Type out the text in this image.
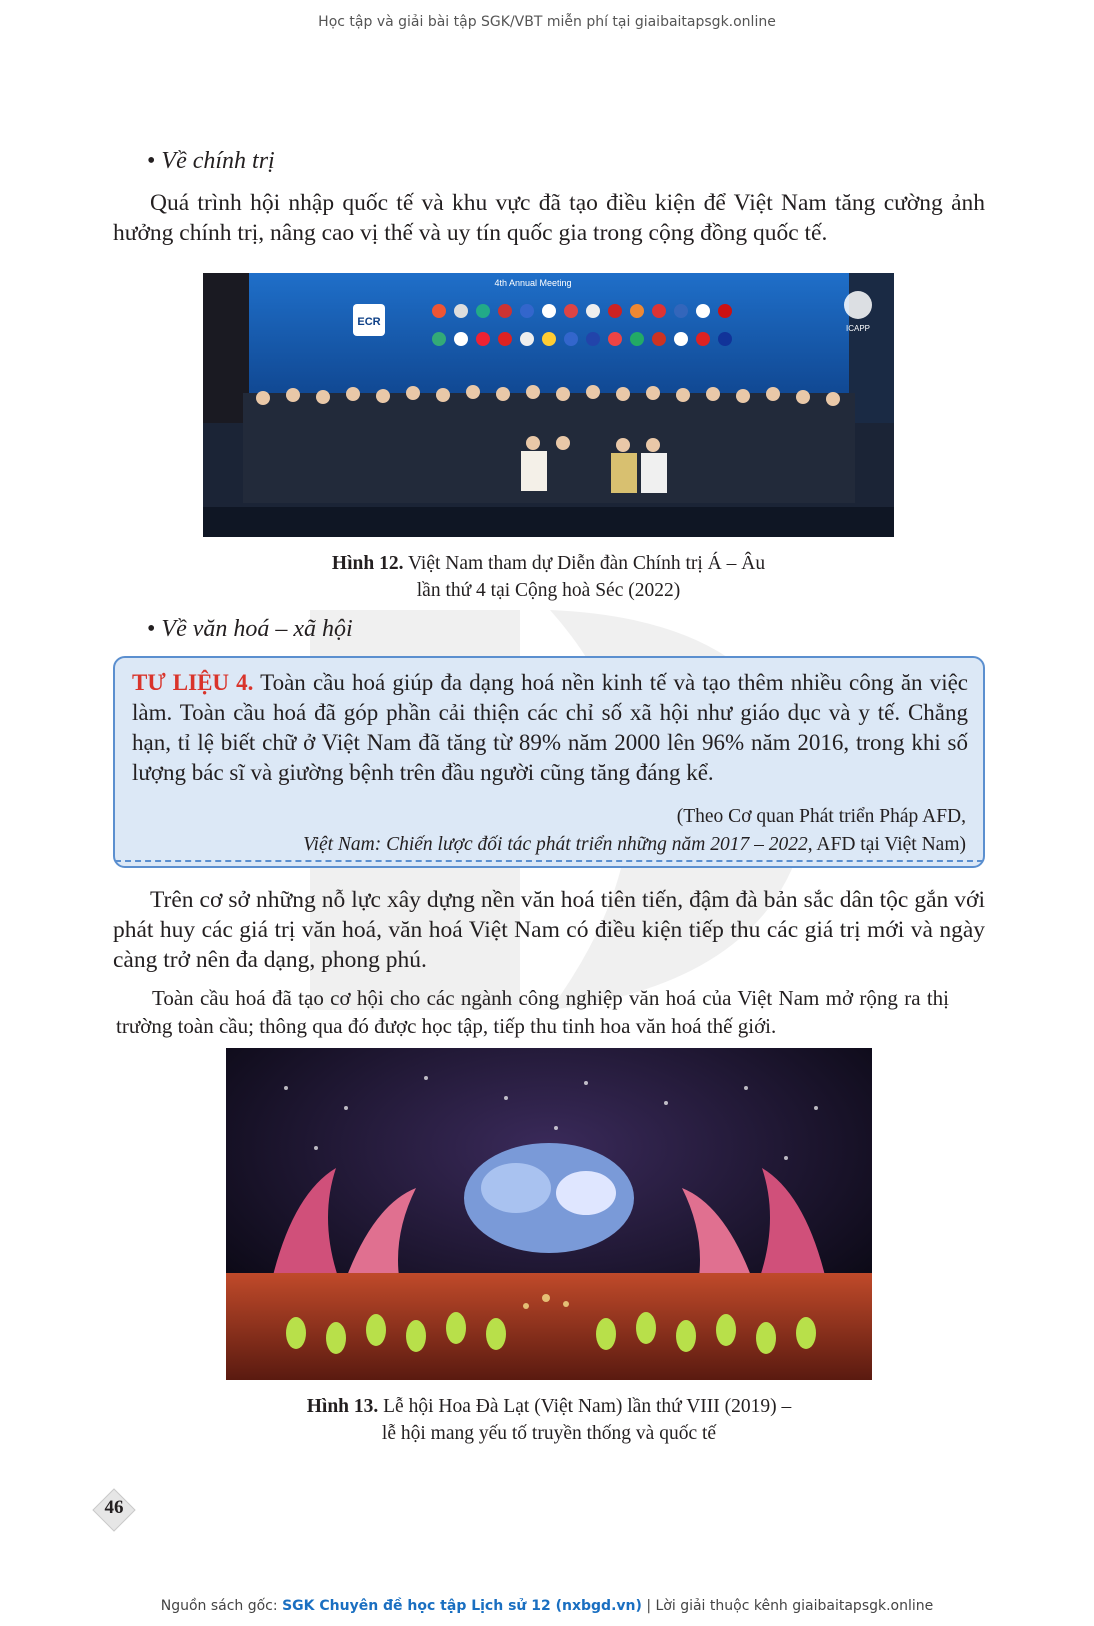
Học tập và giải bài tập SGK/VBT miễn phí tại giaibaitapsgk.online
• Về chính trị
Quá trình hội nhập quốc tế và khu vực đã tạo điều kiện để Việt Nam tăng cường ảnh hưởng chính trị, nâng cao vị thế và uy tín quốc gia trong cộng đồng quốc tế.
4th Annual Meeting
ECR
ICAPP
Hình 12. Việt Nam tham dự Diễn đàn Chính trị Á – Âu
lần thứ 4 tại Cộng hoà Séc (2022)
• Về văn hoá – xã hội
TƯ LIỆU 4. Toàn cầu hoá giúp đa dạng hoá nền kinh tế và tạo thêm nhiều công ăn việc làm. Toàn cầu hoá đã góp phần cải thiện các chỉ số xã hội như giáo dục và y tế. Chẳng hạn, tỉ lệ biết chữ ở Việt Nam đã tăng từ 89% năm 2000 lên 96% năm 2016, trong khi số lượng bác sĩ và giường bệnh trên đầu người cũng tăng đáng kể.
(Theo Cơ quan Phát triển Pháp AFD,
Việt Nam: Chiến lược đối tác phát triển những năm 2017 – 2022, AFD tại Việt Nam)
Trên cơ sở những nỗ lực xây dựng nền văn hoá tiên tiến, đậm đà bản sắc dân tộc gắn với phát huy các giá trị văn hoá, văn hoá Việt Nam có điều kiện tiếp thu các giá trị mới và ngày càng trở nên đa dạng, phong phú.
Toàn cầu hoá đã tạo cơ hội cho các ngành công nghiệp văn hoá của Việt Nam mở rộng ra thị trường toàn cầu; thông qua đó được học tập, tiếp thu tinh hoa văn hoá thế giới.
Hình 13. Lễ hội Hoa Đà Lạt (Việt Nam) lần thứ VIII (2019) –
lễ hội mang yếu tố truyền thống và quốc tế
46
Nguồn sách gốc: SGK Chuyên đề học tập Lịch sử 12 (nxbgd.vn) | Lời giải thuộc kênh giaibaitapsgk.online
